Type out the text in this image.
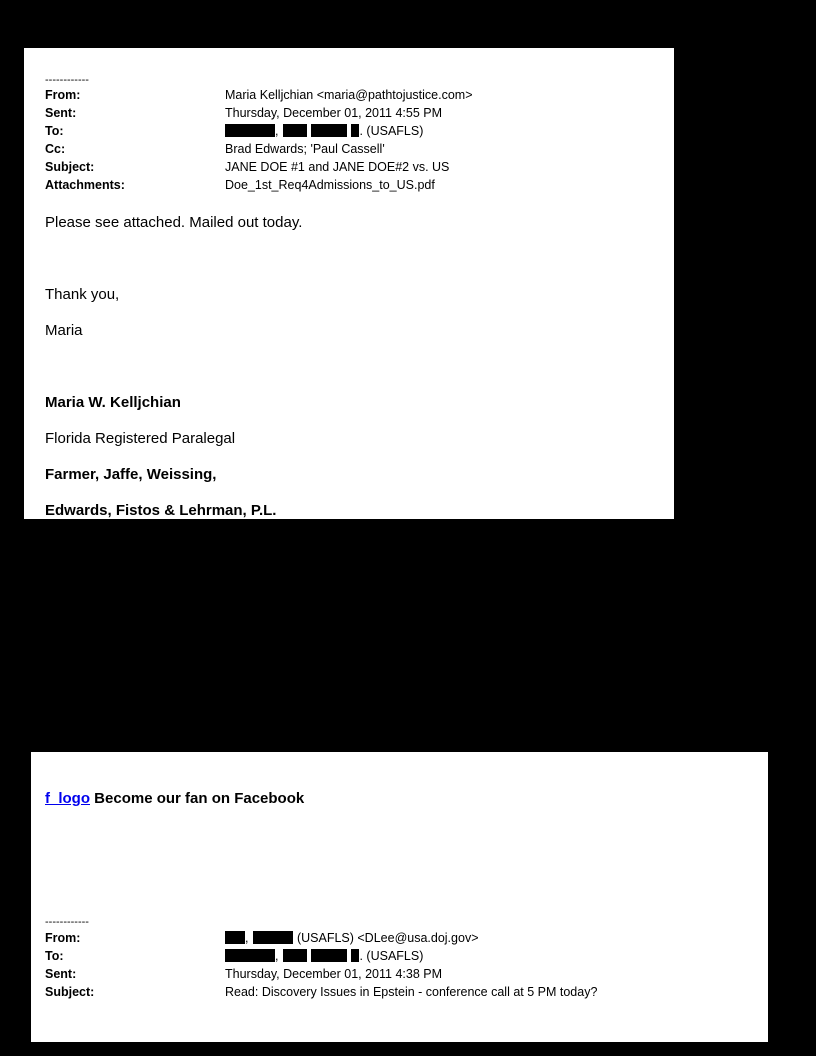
------------
From:	Maria Kelljchian <maria@pathtojustice.com>
Sent:	Thursday, December 01, 2011 4:55 PM
To:	,	. (USAFLS)
Cc:	Brad Edwards; 'Paul Cassell'
Subject:	JANE DOE #1 and JANE DOE#2 vs. US
Attachments:	Doe_1st_Req4Admissions_to_US.pdf
Please see attached. Mailed out today.
Thank you,
Maria
Maria W. Kelljchian
Florida Registered Paralegal
Farmer, Jaffe, Weissing,
Edwards, Fistos & Lehrman, P.L.
f_logo Become our fan on Facebook
------------
From:	,	(USAFLS) <DLee@usa.doj.gov>
To:	,	. (USAFLS)
Sent:	Thursday, December 01, 2011 4:38 PM
Subject:	Read: Discovery Issues in Epstein - conference call at 5 PM today?
